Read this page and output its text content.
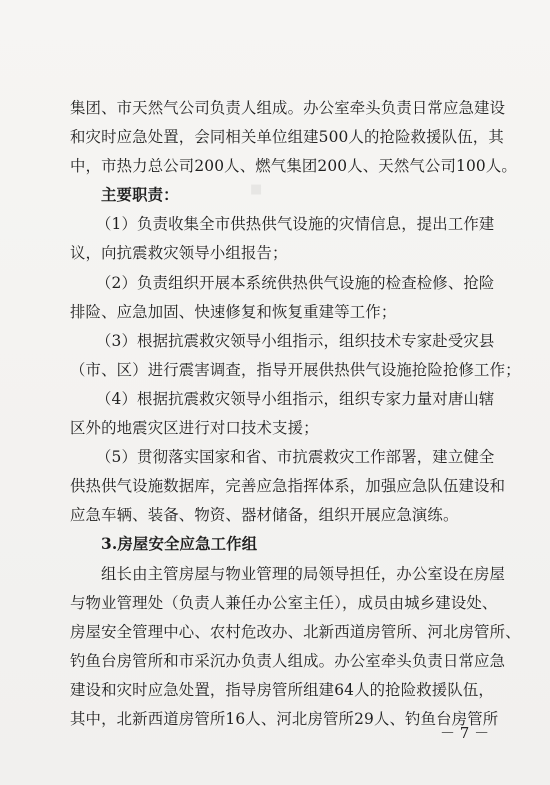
■
集团、市天然气公司负责人组成。办公室牵头负责日常应急建设
和灾时应急处置，会同相关单位组建500人的抢险救援队伍，其
中，市热力总公司200人、燃气集团200人、天然气公司100人。
主要职责：
（1）负责收集全市供热供气设施的灾情信息，提出工作建
议，向抗震救灾领导小组报告；
（2）负责组织开展本系统供热供气设施的检查检修、抢险
排险、应急加固、快速修复和恢复重建等工作；
（3）根据抗震救灾领导小组指示，组织技术专家赴受灾县
（市、区）进行震害调查，指导开展供热供气设施抢险抢修工作；
（4）根据抗震救灾领导小组指示，组织专家力量对唐山辖
区外的地震灾区进行对口技术支援；
（5）贯彻落实国家和省、市抗震救灾工作部署，建立健全
供热供气设施数据库，完善应急指挥体系，加强应急队伍建设和
应急车辆、装备、物资、器材储备，组织开展应急演练。
3.房屋安全应急工作组
组长由主管房屋与物业管理的局领导担任，办公室设在房屋
与物业管理处（负责人兼任办公室主任），成员由城乡建设处、
房屋安全管理中心、农村危改办、北新西道房管所、河北房管所、
钓鱼台房管所和市采沉办负责人组成。办公室牵头负责日常应急
建设和灾时应急处置，指导房管所组建64人的抢险救援队伍，
其中，北新西道房管所16人、河北房管所29人、钓鱼台房管所
－ 7 －
